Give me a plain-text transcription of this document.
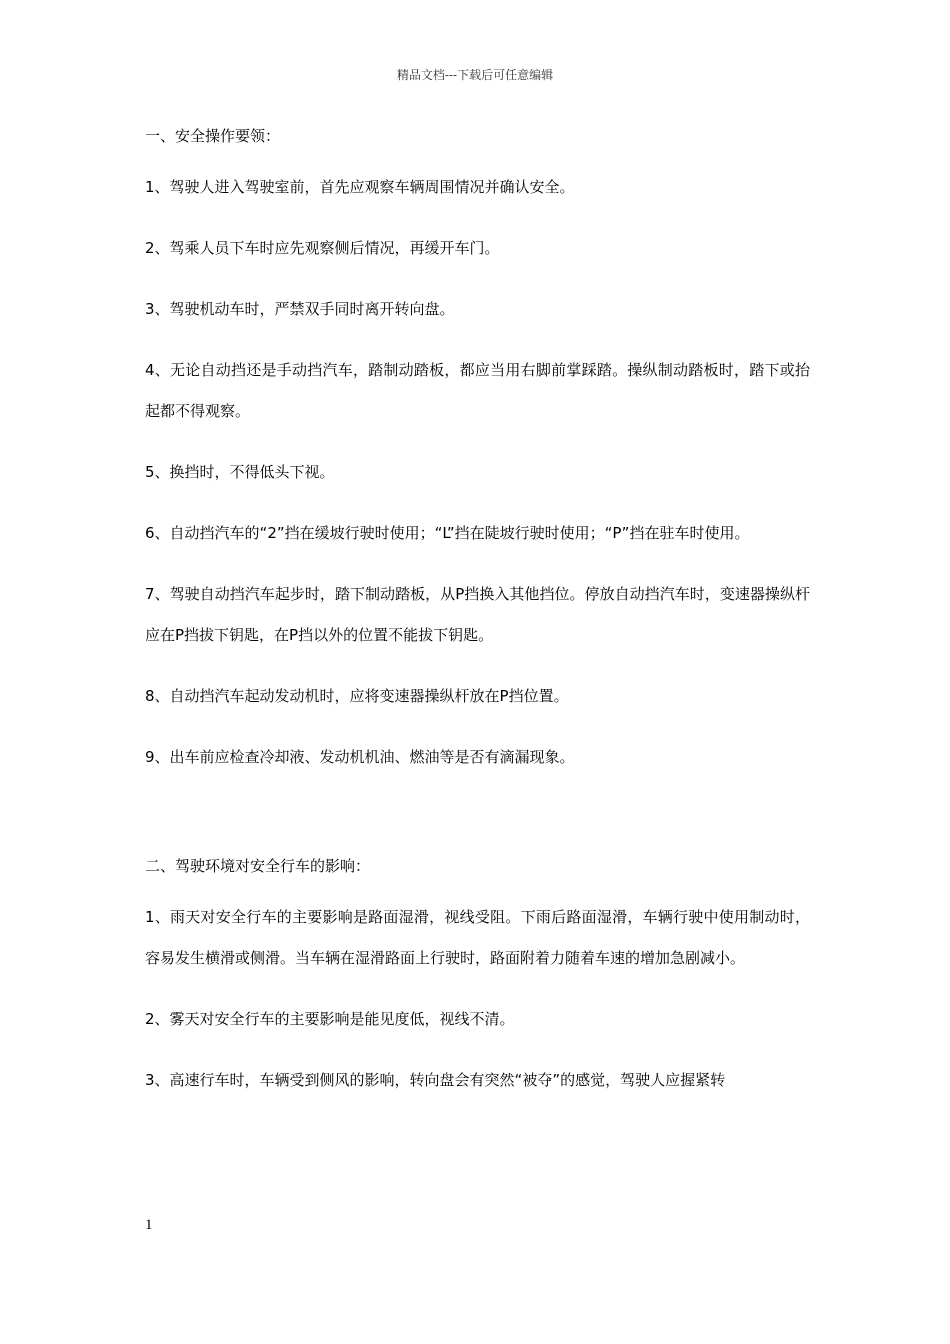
精品文档---下载后可任意编辑

一、安全操作要领：

1、驾驶人进入驾驶室前，首先应观察车辆周围情况并确认安全。

2、驾乘人员下车时应先观察侧后情况，再缓开车门。

3、驾驶机动车时，严禁双手同时离开转向盘。

4、无论自动挡还是手动挡汽车，踏制动踏板，都应当用右脚前掌踩踏。操纵制动踏板时，踏下或抬起都不得观察。

5、换挡时，不得低头下视。

6、自动挡汽车的“2”挡在缓坡行驶时使用；“L”挡在陡坡行驶时使用；“P”挡在驻车时使用。

7、驾驶自动挡汽车起步时，踏下制动踏板，从P挡换入其他挡位。停放自动挡汽车时，变速器操纵杆应在P挡拔下钥匙，在P挡以外的位置不能拔下钥匙。

8、自动挡汽车起动发动机时，应将变速器操纵杆放在P挡位置。

9、出车前应检查冷却液、发动机机油、燃油等是否有滴漏现象。

二、驾驶环境对安全行车的影响：

1、雨天对安全行车的主要影响是路面湿滑，视线受阻。下雨后路面湿滑，车辆行驶中使用制动时，容易发生横滑或侧滑。当车辆在湿滑路面上行驶时，路面附着力随着车速的增加急剧减小。

2、雾天对安全行车的主要影响是能见度低，视线不清。

3、高速行车时，车辆受到侧风的影响，转向盘会有突然“被夺”的感觉，驾驶人应握紧转

1
